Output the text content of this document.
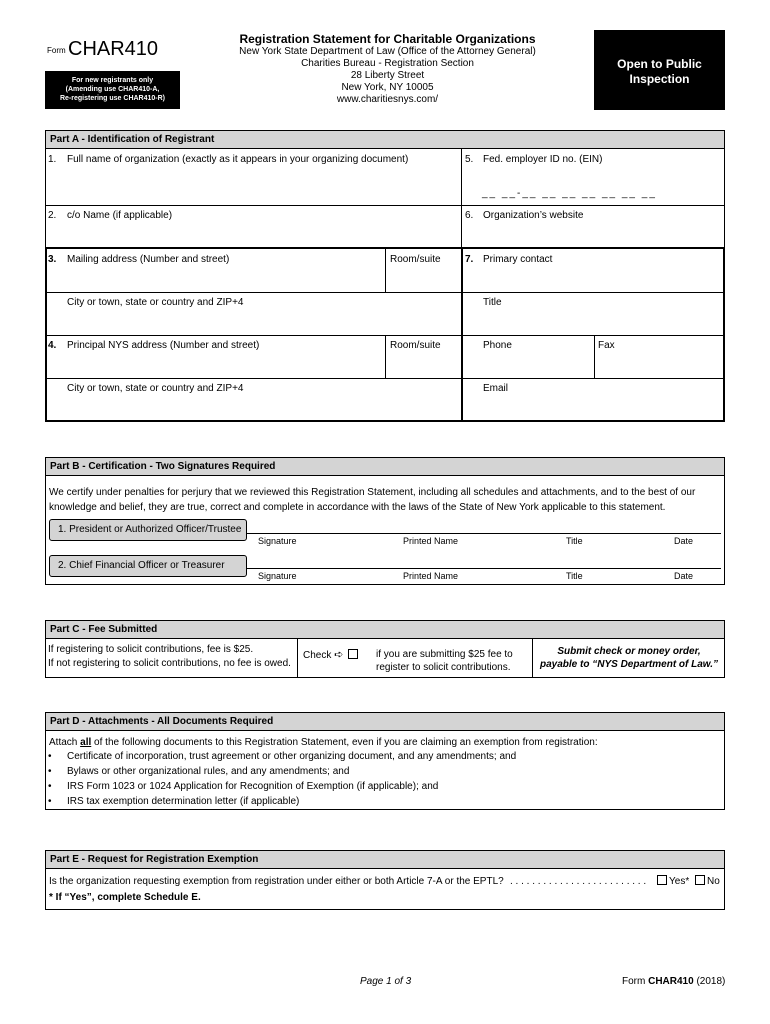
Form CHAR410
For new registrants only
(Amending use CHAR410-A,
Re-registering use CHAR410-R)
Registration Statement for Charitable Organizations
New York State Department of Law (Office of the Attorney General)
Charities Bureau - Registration Section
28 Liberty Street
New York, NY 10005
www.charitiesnys.com/
Open to Public
Inspection
Part A - Identification of Registrant
1. Full name of organization (exactly as it appears in your organizing document)	5. Fed. employer ID no. (EIN)
__ __-__ __ __ __ __ __ __
2. c/o Name (if applicable)	6. Organization’s website
3. Mailing address (Number and street)	Room/suite
City or town, state or country and ZIP+4
7. Primary contact
Title
4. Principal NYS address (Number and street)	Room/suite
City or town, state or country and ZIP+4
Phone	Fax
Email
Part B - Certification - Two Signatures Required
We certify under penalties for perjury that we reviewed this Registration Statement, including all schedules and attachments, and to the best of our
knowledge and belief, they are true, correct and complete in accordance with the laws of the State of New York applicable to this statement.
1. President or Authorized Officer/Trustee
Signature	Printed Name	Title	Date
2. Chief Financial Officer or Treasurer
Signature	Printed Name	Title	Date
Part C - Fee Submitted
If registering to solicit contributions, fee is $25.
If not registering to solicit contributions, no fee is owed.
Check ➪	if you are submitting $25 fee to
register to solicit contributions.
Submit check or money order,
payable to “NYS Department of Law.”
Part D - Attachments - All Documents Required
Attach all of the following documents to this Registration Statement, even if you are claiming an exemption from registration:
• Certificate of incorporation, trust agreement or other organizing document, and any amendments; and
• Bylaws or other organizational rules, and any amendments; and
• IRS Form 1023 or 1024 Application for Recognition of Exemption (if applicable); and
• IRS tax exemption determination letter (if applicable)
Part E - Request for Registration Exemption
Is the organization requesting exemption from registration under either or both Article 7-A or the EPTL? . . . . . . . . . . . . . . . . . . . . . . . . .	Yes*	No
* If “Yes”, complete Schedule E.
Page 1 of 3	Form CHAR410 (2018)
